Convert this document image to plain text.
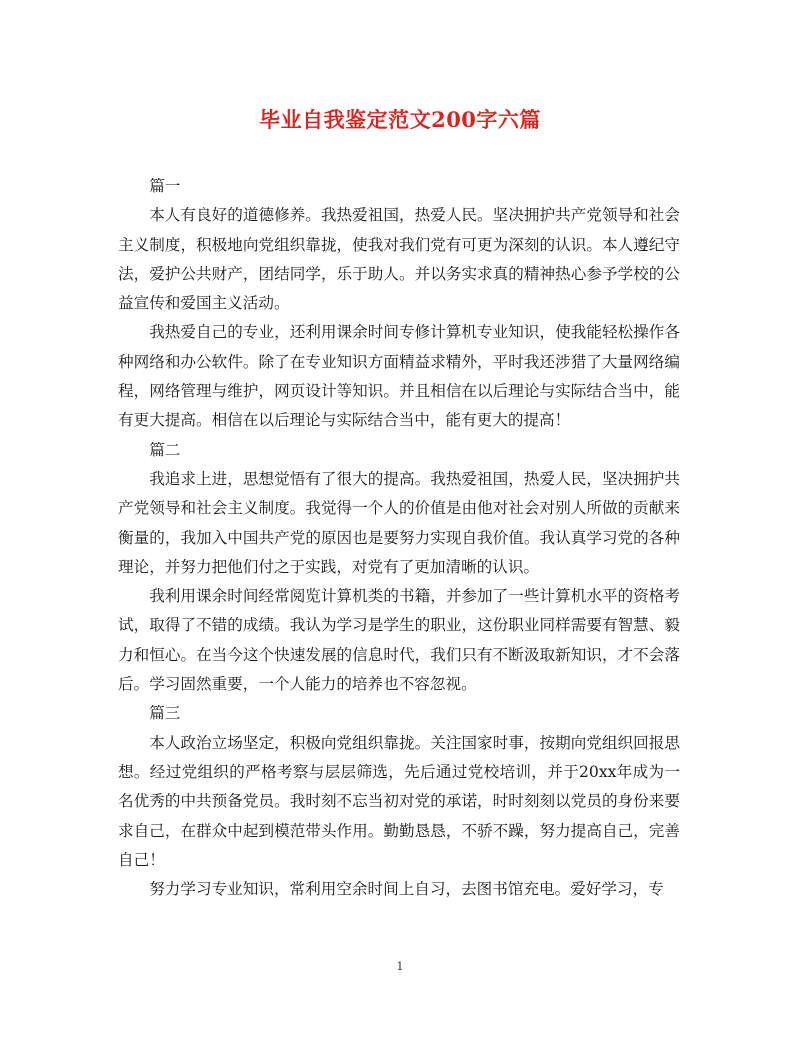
毕业自我鉴定范文200字六篇

篇一

本人有良好的道德修养。我热爱祖国，热爱人民。坚决拥护共产党领导和社会主义制度，积极地向党组织靠拢，使我对我们党有可更为深刻的认识。本人遵纪守法，爱护公共财产，团结同学，乐于助人。并以务实求真的精神热心参予学校的公益宣传和爱国主义活动。

我热爱自己的专业，还利用课余时间专修计算机专业知识，使我能轻松操作各种网络和办公软件。除了在专业知识方面精益求精外，平时我还涉猎了大量网络编程，网络管理与维护，网页设计等知识。并且相信在以后理论与实际结合当中，能有更大提高。相信在以后理论与实际结合当中，能有更大的提高！

篇二

我追求上进，思想觉悟有了很大的提高。我热爱祖国，热爱人民，坚决拥护共产党领导和社会主义制度。我觉得一个人的价值是由他对社会对别人所做的贡献来衡量的，我加入中国共产党的原因也是要努力实现自我价值。我认真学习党的各种理论，并努力把他们付之于实践，对党有了更加清晰的认识。

我利用课余时间经常阅览计算机类的书籍，并参加了一些计算机水平的资格考试，取得了不错的成绩。我认为学习是学生的职业，这份职业同样需要有智慧、毅力和恒心。在当今这个快速发展的信息时代，我们只有不断汲取新知识，才不会落后。学习固然重要，一个人能力的培养也不容忽视。

篇三

本人政治立场坚定，积极向党组织靠拢。关注国家时事，按期向党组织回报思想。经过党组织的严格考察与层层筛选，先后通过党校培训，并于20xx年成为一名优秀的中共预备党员。我时刻不忘当初对党的承诺，时时刻刻以党员的身份来要求自己，在群众中起到模范带头作用。勤勤恳恳，不骄不躁，努力提高自己，完善自己！

努力学习专业知识，常利用空余时间上自习，去图书馆充电。爱好学习，专

1
